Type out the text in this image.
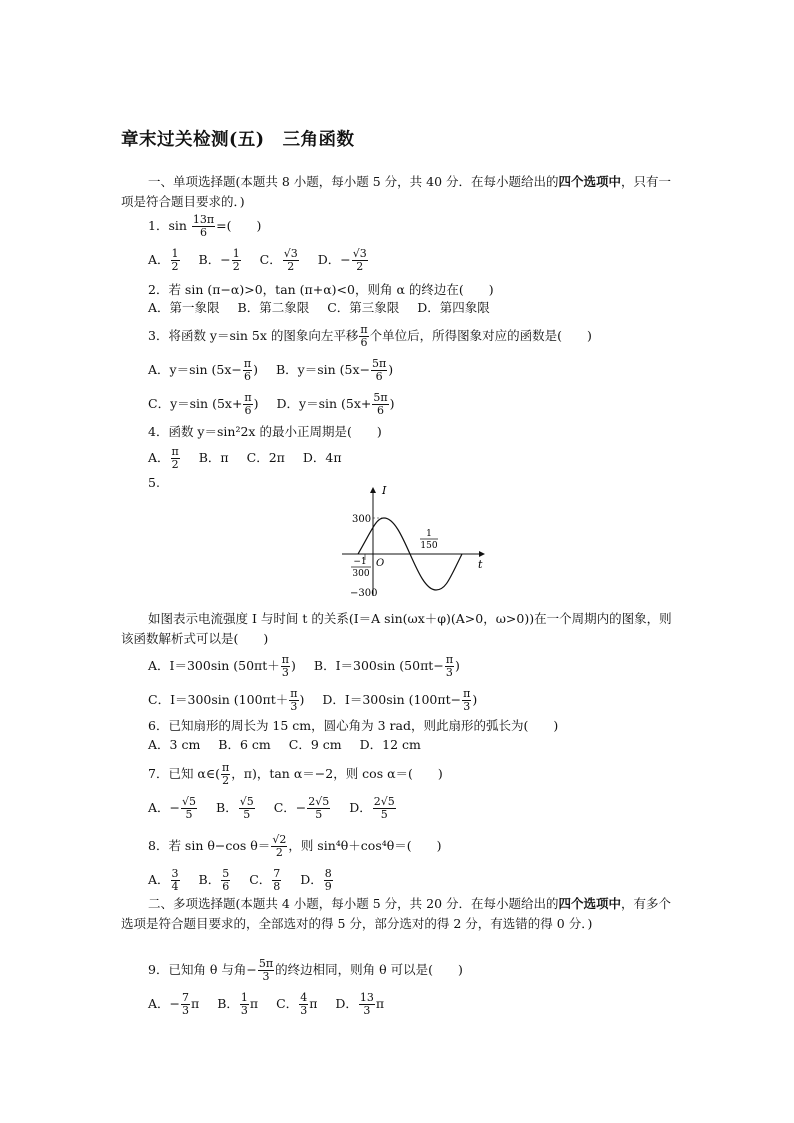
章末过关检测(五) 三角函数
一、单项选择题(本题共 8 小题，每小题 5 分，共 40 分．在每小题给出的四个选项中，只有一项是符合题目要求的．)
1．$\sin \frac{13\pi}{6}$ =(　　)
A． $\frac{1}{2}$ B．− $\frac{1}{2}$ C． $\frac{√3}{2}$ D．− $\frac{√3}{2}$
2．若 sin (π−α)>0，tan (π+α)<0，则角 α 的终边在(　　)
A．第一象限 B．第二象限 C．第三象限 D．第四象限
3．将函数 y＝sin 5x 的图象向左平移 $\frac{\pi}{6}$ 个单位后，所得图象对应的函数是(　　)
A．y＝sin ($5x- \frac{\pi}{6}$ ) B．y＝sin ($5x- \frac{5\pi}{6}$ )
C．y＝sin ($5x+ \frac{\pi}{6}$ ) D．y＝sin ($5x+ \frac{5\pi}{6}$ )
4．函数 y＝sin²2x 的最小正周期是(　　)
A． $\frac{\pi}{2}$ B．π C．2π D．4π
5.
I
t
O
300
−300
1
150
−1
300
如图表示电流强度 I 与时间 t 的关系(I＝A sin(ωx＋φ)(A>0，ω>0))在一个周期内的图象，则该函数解析式可以是(　　)
A．I＝300sin ($50\pi t+ \frac{\pi}{3}$ ) B．I＝300sin ($50\pi t- \frac{\pi}{3}$ )
C．I＝300sin ($100\pi t+ \frac{\pi}{3}$ ) D．I＝300sin ($100\pi t- \frac{\pi}{3}$ )
6．已知扇形的周长为 15 cm，圆心角为 3 rad，则此扇形的弧长为(　　)
A．3 cm B．6 cm C．9 cm D．12 cm
7．已知 α∈( $\frac{\pi}{2}$ ，π)，tan α＝−2，则 cos α＝(　　)
A．− $\frac{√5}{5}$ B． $\frac{√5}{5}$ C．− $\frac{2√5}{5}$ D． $\frac{2√5}{5}$
8．若 sin θ−cos $\theta= \frac{√2}{2}$ ，则 sin⁴θ＋cos⁴θ＝(　　)
A． $\frac{3}{4}$ B． $\frac{5}{6}$ C． $\frac{7}{8}$ D． $\frac{8}{9}$
二、多项选择题(本题共 4 小题，每小题 5 分，共 20 分．在每小题给出的四个选项中，有多个选项是符合题目要求的，全部选对的得 5 分，部分选对的得 2 分，有选错的得 0 分．)
9．已知角 θ 与角− $\frac{5\pi}{3}$ 的终边相同，则角 θ 可以是(　　)
A．− $\frac{7}{3}$ π B． $\frac{1}{3}$ π C． $\frac{4}{3}$ π D． $\frac{13}{3}$ π
